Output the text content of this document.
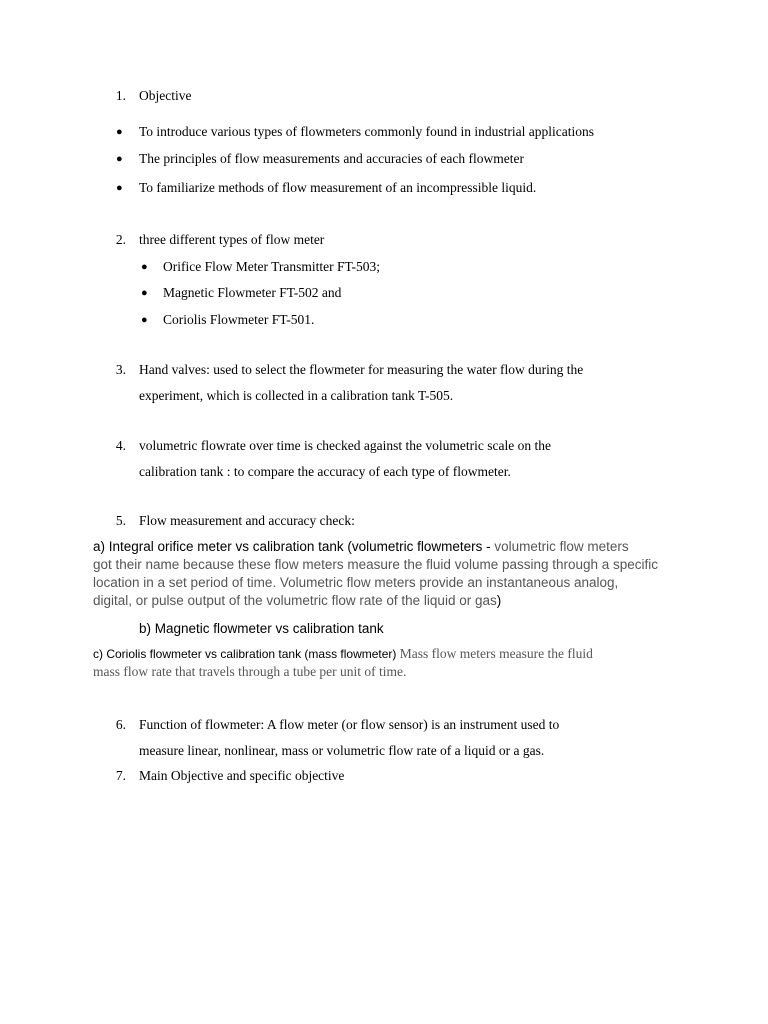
1. Objective
● To introduce various types of flowmeters commonly found in industrial applications
● The principles of flow measurements and accuracies of each flowmeter
● To familiarize methods of flow measurement of an incompressible liquid.
2. three different types of flow meter
● Orifice Flow Meter Transmitter FT-503;
● Magnetic Flowmeter FT-502 and
● Coriolis Flowmeter FT-501.
3. Hand valves: used to select the flowmeter for measuring the water flow during the
experiment, which is collected in a calibration tank T-505.
4. volumetric flowrate over time is checked against the volumetric scale on the
calibration tank : to compare the accuracy of each type of flowmeter.
5. Flow measurement and accuracy check:
a) Integral orifice meter vs calibration tank (volumetric flowmeters - volumetric flow meters
got their name because these flow meters measure the fluid volume passing through a specific
location in a set period of time. Volumetric flow meters provide an instantaneous analog,
digital, or pulse output of the volumetric flow rate of the liquid or gas)
b) Magnetic flowmeter vs calibration tank
c) Coriolis flowmeter vs calibration tank (mass flowmeter) Mass flow meters measure the fluid
mass flow rate that travels through a tube per unit of time.
6. Function of flowmeter: A flow meter (or flow sensor) is an instrument used to
measure linear, nonlinear, mass or volumetric flow rate of a liquid or a gas.
7. Main Objective and specific objective
